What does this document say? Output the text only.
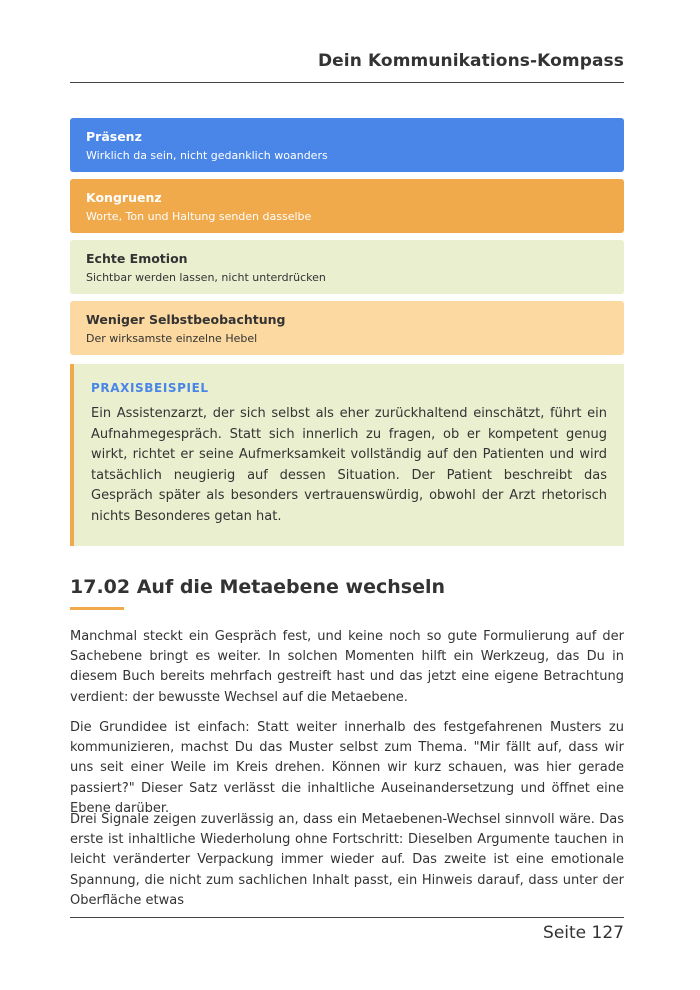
Dein Kommunikations-Kompass
Präsenz
Wirklich da sein, nicht gedanklich woanders
Kongruenz
Worte, Ton und Haltung senden dasselbe
Echte Emotion
Sichtbar werden lassen, nicht unterdrücken
Weniger Selbstbeobachtung
Der wirksamste einzelne Hebel
PRAXISBEISPIEL
Ein Assistenzarzt, der sich selbst als eher zurückhaltend einschätzt, führt ein Aufnahmegespräch. Statt sich innerlich zu fragen, ob er kompetent genug wirkt, richtet er seine Aufmerksamkeit vollständig auf den Patienten und wird tatsächlich neugierig auf dessen Situation. Der Patient beschreibt das Gespräch später als besonders vertrauenswürdig, obwohl der Arzt rhetorisch nichts Besonderes getan hat.
17.02 Auf die Metaebene wechseln

Manchmal steckt ein Gespräch fest, und keine noch so gute Formulierung auf der Sachebene bringt es weiter. In solchen Momenten hilft ein Werkzeug, das Du in diesem Buch bereits mehrfach gestreift hast und das jetzt eine eigene Betrachtung verdient: der bewusste Wechsel auf die Metaebene.

Die Grundidee ist einfach: Statt weiter innerhalb des festgefahrenen Musters zu kommunizieren, machst Du das Muster selbst zum Thema. "Mir fällt auf, dass wir uns seit einer Weile im Kreis drehen. Können wir kurz schauen, was hier gerade passiert?" Dieser Satz verlässt die inhaltliche Auseinandersetzung und öffnet eine Ebene darüber.

Drei Signale zeigen zuverlässig an, dass ein Metaebenen-Wechsel sinnvoll wäre. Das erste ist inhaltliche Wiederholung ohne Fortschritt: Dieselben Argumente tauchen in leicht veränderter Verpackung immer wieder auf. Das zweite ist eine emotionale Spannung, die nicht zum sachlichen Inhalt passt, ein Hinweis darauf, dass unter der Oberfläche etwas

Seite 127
